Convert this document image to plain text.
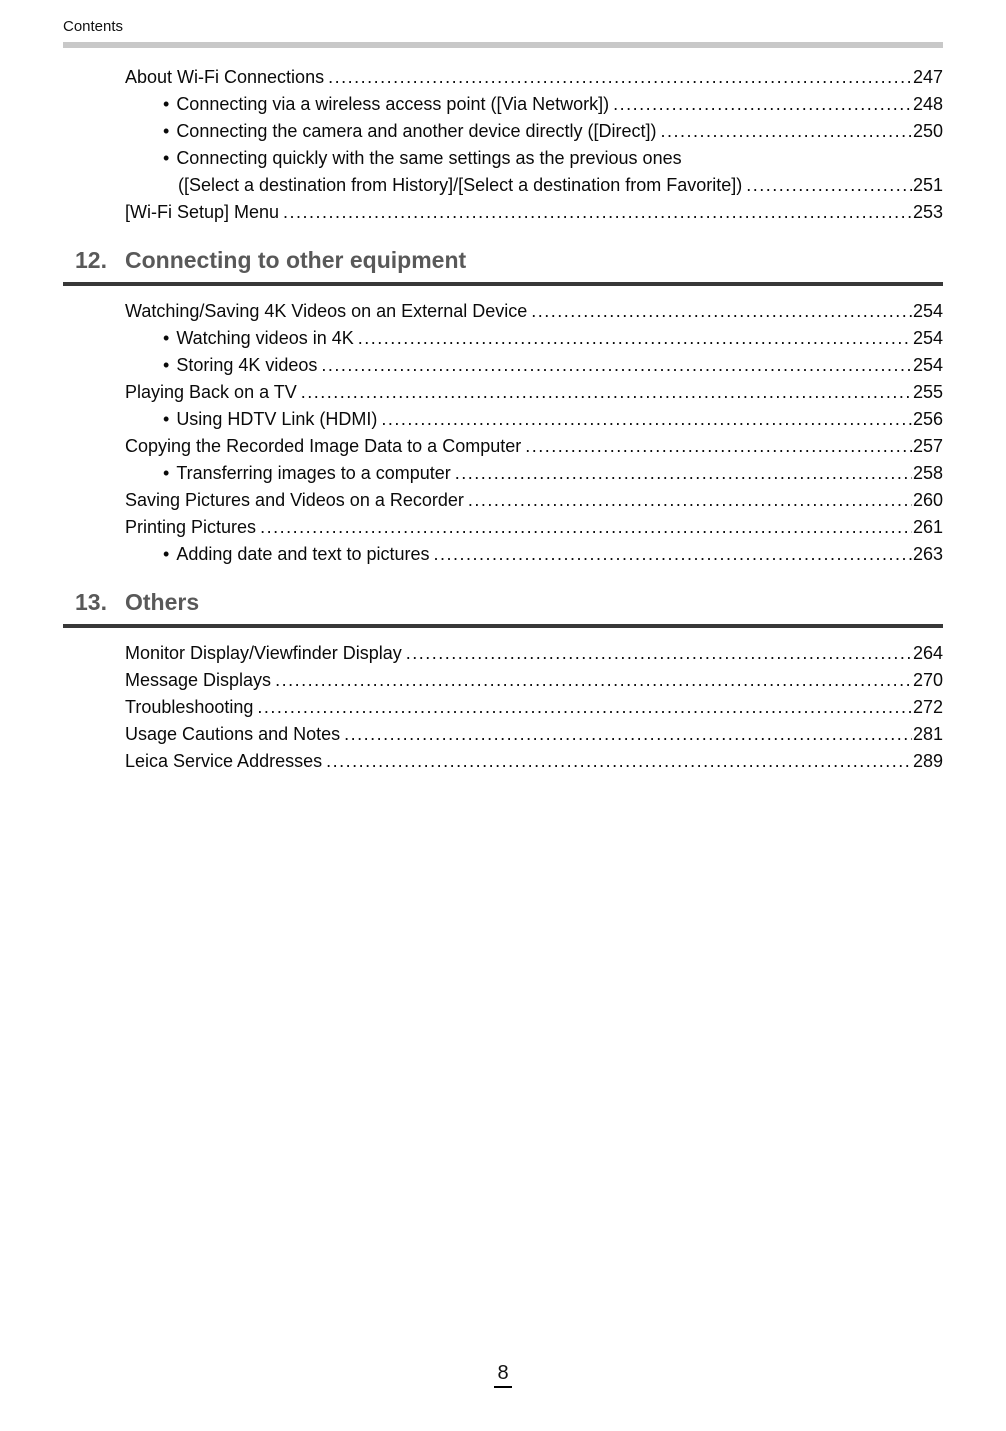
Contents
About Wi-Fi Connections .....	247
• Connecting via a wireless access point ([Via Network]) .....	248
• Connecting the camera and another device directly ([Direct]) .....	250
• Connecting quickly with the same settings as the previous ones
([Select a destination from History]/[Select a destination from Favorite]) .....	251
[Wi-Fi Setup] Menu .....	253
12. Connecting to other equipment
Watching/Saving 4K Videos on an External Device .....	254
• Watching videos in 4K .....	254
• Storing 4K videos .....	254
Playing Back on a TV .....	255
• Using HDTV Link (HDMI) .....	256
Copying the Recorded Image Data to a Computer .....	257
• Transferring images to a computer .....	258
Saving Pictures and Videos on a Recorder .....	260
Printing Pictures .....	261
• Adding date and text to pictures .....	263
13. Others
Monitor Display/Viewfinder Display .....	264
Message Displays .....	270
Troubleshooting .....	272
Usage Cautions and Notes .....	281
Leica Service Addresses .....	289
8
